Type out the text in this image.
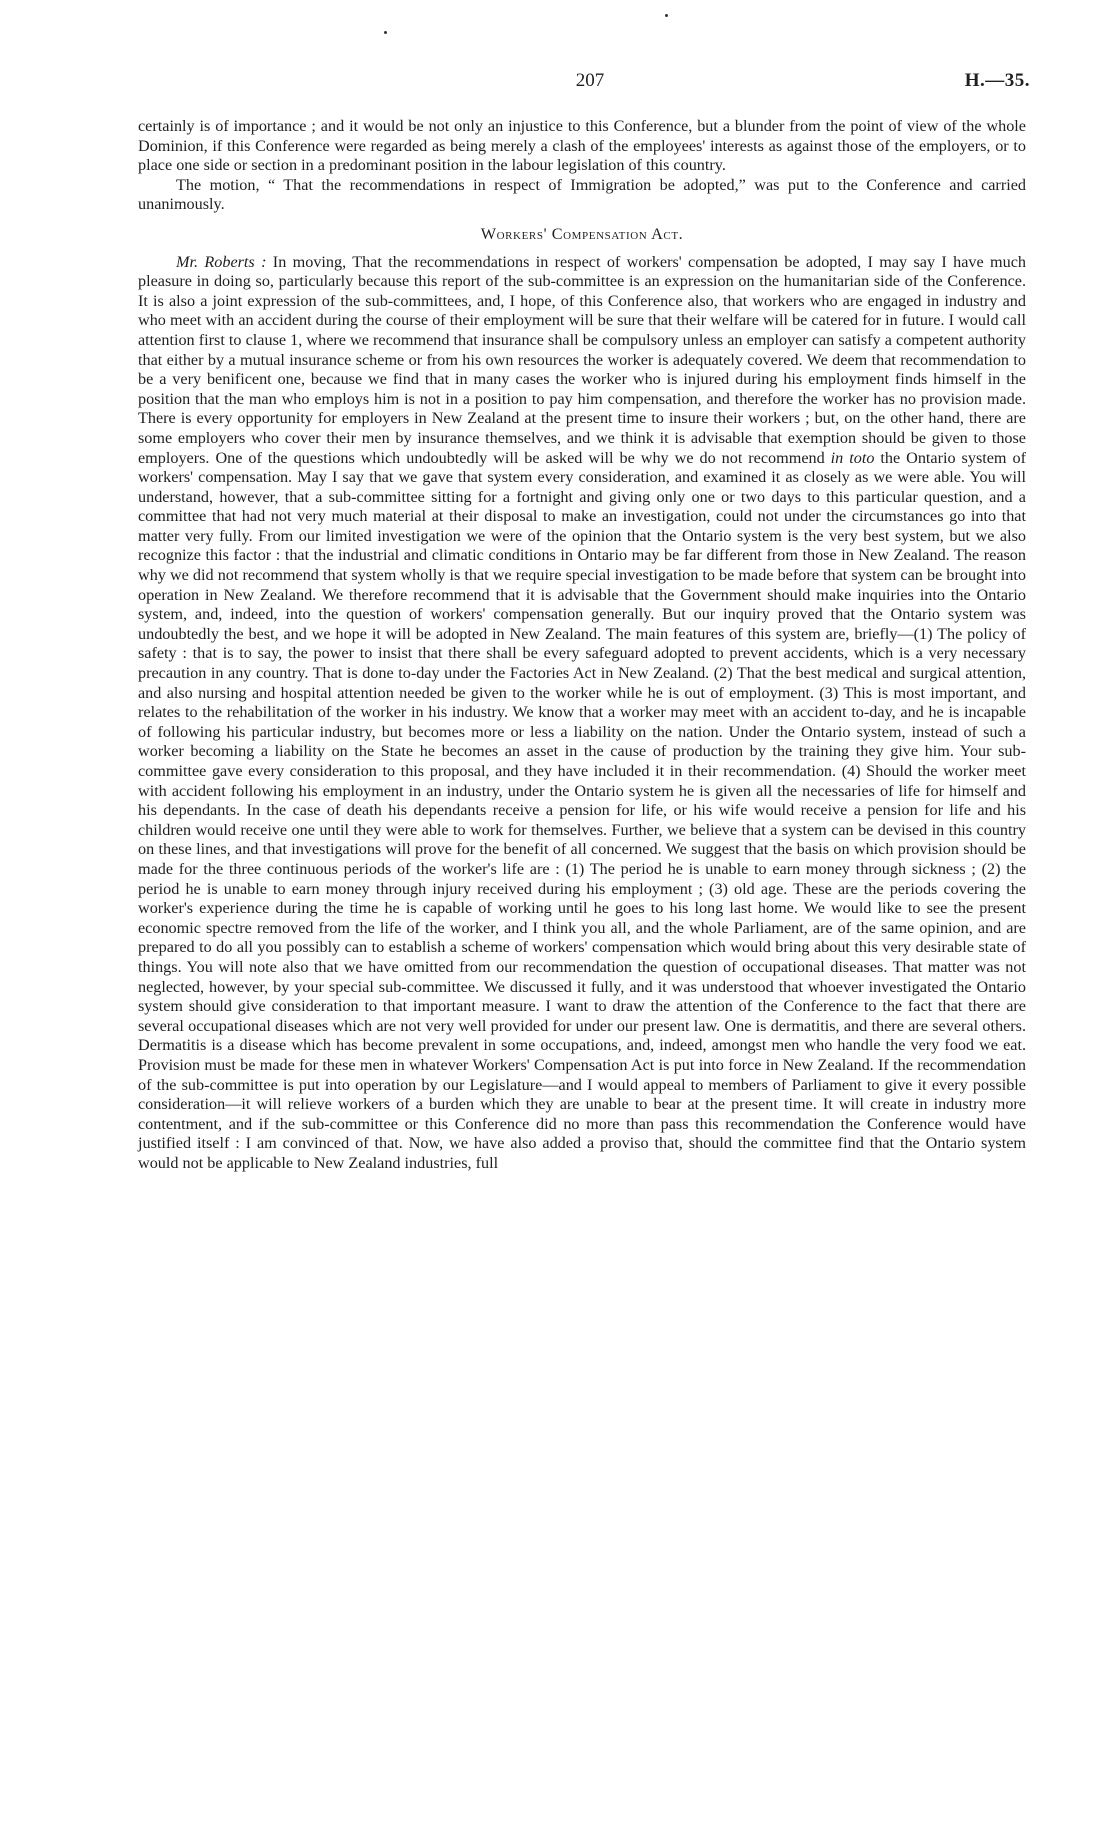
207	H.—35.

certainly is of importance ; and it would be not only an injustice to this Conference, but a blunder from the point of view of the whole Dominion, if this Conference were regarded as being merely a clash of the employees' interests as against those of the employers, or to place one side or section in a predominant position in the labour legislation of this country.

The motion, “ That the recommendations in respect of Immigration be adopted,” was put to the Conference and carried unanimously.

Workers' Compensation Act.

Mr. Roberts : In moving, That the recommendations in respect of workers' compensation be adopted, I may say I have much pleasure in doing so, particularly because this report of the sub-committee is an expression on the humanitarian side of the Conference. It is also a joint expression of the sub-committees, and, I hope, of this Conference also, that workers who are engaged in industry and who meet with an accident during the course of their employment will be sure that their welfare will be catered for in future. I would call attention first to clause 1, where we recommend that insurance shall be compulsory unless an employer can satisfy a competent authority that either by a mutual insurance scheme or from his own resources the worker is adequately covered. We deem that recommendation to be a very benificent one, because we find that in many cases the worker who is injured during his employment finds himself in the position that the man who employs him is not in a position to pay him compensation, and therefore the worker has no provision made. There is every opportunity for employers in New Zealand at the present time to insure their workers ; but, on the other hand, there are some employers who cover their men by insurance themselves, and we think it is advisable that exemption should be given to those employers. One of the questions which undoubtedly will be asked will be why we do not recommend in toto the Ontario system of workers' compensation. May I say that we gave that system every consideration, and examined it as closely as we were able. You will understand, however, that a sub-committee sitting for a fortnight and giving only one or two days to this particular question, and a committee that had not very much material at their disposal to make an investigation, could not under the circumstances go into that matter very fully. From our limited investigation we were of the opinion that the Ontario system is the very best system, but we also recognize this factor : that the industrial and climatic conditions in Ontario may be far different from those in New Zealand. The reason why we did not recommend that system wholly is that we require special investigation to be made before that system can be brought into operation in New Zealand. We therefore recommend that it is advisable that the Government should make inquiries into the Ontario system, and, indeed, into the question of workers' compensation generally. But our inquiry proved that the Ontario system was undoubtedly the best, and we hope it will be adopted in New Zealand. The main features of this system are, briefly—(1) The policy of safety : that is to say, the power to insist that there shall be every safeguard adopted to prevent accidents, which is a very necessary precaution in any country. That is done to-day under the Factories Act in New Zealand. (2) That the best medical and surgical attention, and also nursing and hospital attention needed be given to the worker while he is out of employment. (3) This is most important, and relates to the rehabilitation of the worker in his industry. We know that a worker may meet with an accident to-day, and he is incapable of following his particular industry, but becomes more or less a liability on the nation. Under the Ontario system, instead of such a worker becoming a liability on the State he becomes an asset in the cause of production by the training they give him. Your sub-committee gave every consideration to this proposal, and they have included it in their recommendation. (4) Should the worker meet with accident following his employment in an industry, under the Ontario system he is given all the necessaries of life for himself and his dependants. In the case of death his dependants receive a pension for life, or his wife would receive a pension for life and his children would receive one until they were able to work for themselves. Further, we believe that a system can be devised in this country on these lines, and that investigations will prove for the benefit of all concerned. We suggest that the basis on which provision should be made for the three continuous periods of the worker's life are : (1) The period he is unable to earn money through sickness ; (2) the period he is unable to earn money through injury received during his employment ; (3) old age. These are the periods covering the worker's experience during the time he is capable of working until he goes to his long last home. We would like to see the present economic spectre removed from the life of the worker, and I think you all, and the whole Parliament, are of the same opinion, and are prepared to do all you possibly can to establish a scheme of workers' compensation which would bring about this very desirable state of things. You will note also that we have omitted from our recommendation the question of occupational diseases. That matter was not neglected, however, by your special sub-committee. We discussed it fully, and it was understood that whoever investigated the Ontario system should give consideration to that important measure. I want to draw the attention of the Conference to the fact that there are several occupational diseases which are not very well provided for under our present law. One is dermatitis, and there are several others. Dermatitis is a disease which has become prevalent in some occupations, and, indeed, amongst men who handle the very food we eat. Provision must be made for these men in whatever Workers' Compensation Act is put into force in New Zealand. If the recommendation of the sub-committee is put into operation by our Legislature—and I would appeal to members of Parliament to give it every possible consideration—it will relieve workers of a burden which they are unable to bear at the present time. It will create in industry more contentment, and if the sub-committee or this Conference did no more than pass this recommendation the Conference would have justified itself : I am convinced of that. Now, we have also added a proviso that, should the committee find that the Ontario system would not be applicable to New Zealand industries, full
